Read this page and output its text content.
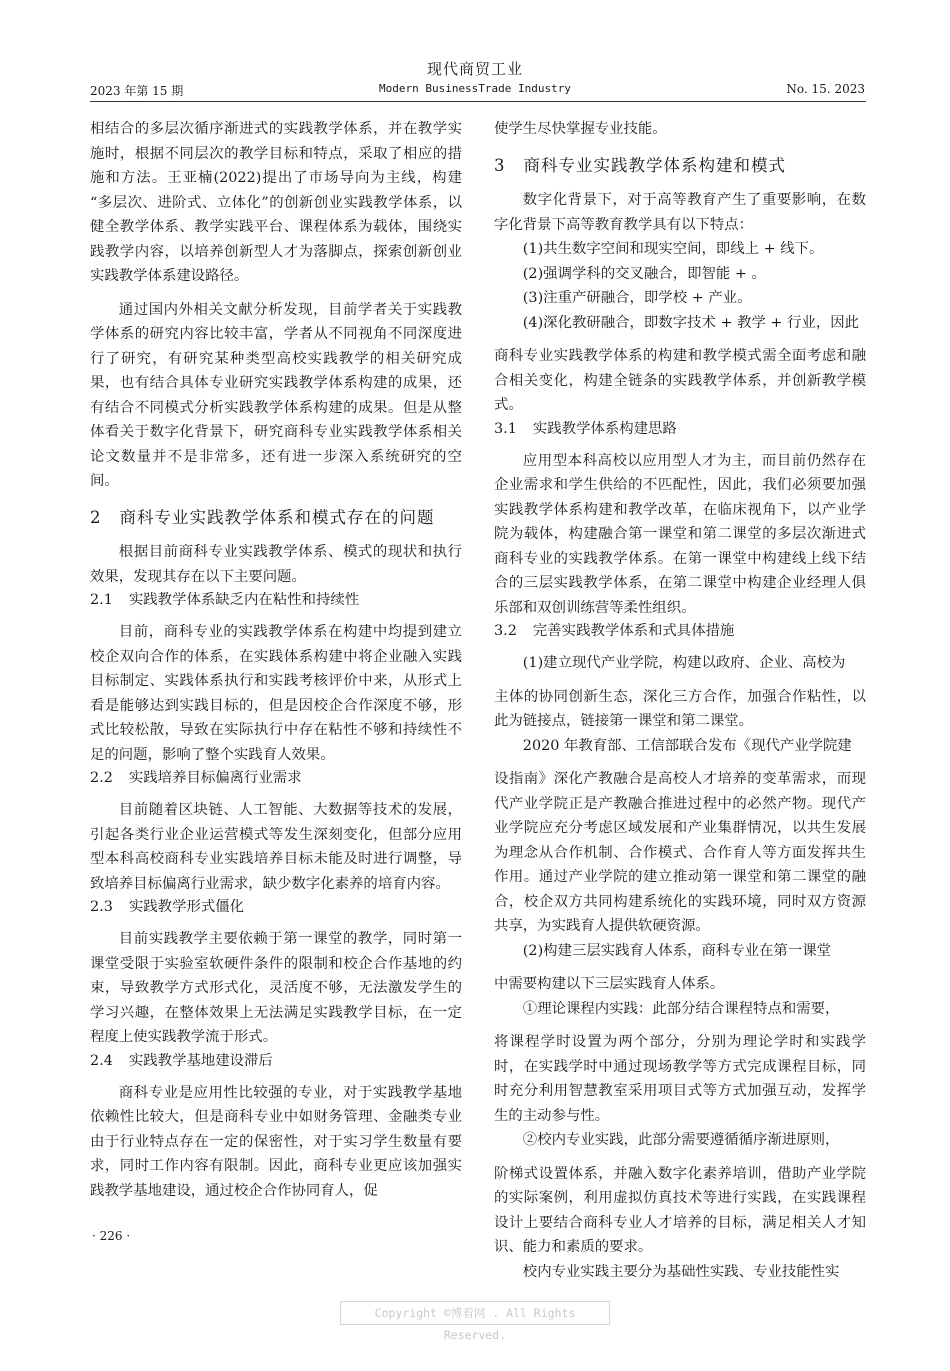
现代商贸工业
2023 年第 15 期	Modern BusinessTrade Industry	No. 15. 2023

相结合的多层次循序渐进式的实践教学体系，并在教学实施时，根据不同层次的教学目标和特点，采取了相应的措施和方法。王亚楠(2022)提出了市场导向为主线，构建 “多层次、进阶式、立体化”的创新创业实践教学体系，以健全教学体系、教学实践平台、课程体系为载体，围绕实践教学内容，以培养创新型人才为落脚点，探索创新创业实践教学体系建设路径。

通过国内外相关文献分析发现，目前学者关于实践教学体系的研究内容比较丰富，学者从不同视角不同深度进行了研究，有研究某种类型高校实践教学的相关研究成果，也有结合具体专业研究实践教学体系构建的成果，还有结合不同模式分析实践教学体系构建的成果。但是从整体看关于数字化背景下，研究商科专业实践教学体系相关论文数量并不是非常多，还有进一步深入系统研究的空间。

2 商科专业实践教学体系和模式存在的问题

根据目前商科专业实践教学体系、模式的现状和执行效果，发现其存在以下主要问题。

2.1 实践教学体系缺乏内在粘性和持续性

目前，商科专业的实践教学体系在构建中均提到建立校企双向合作的体系，在实践体系构建中将企业融入实践目标制定、实践体系执行和实践考核评价中来，从形式上看是能够达到实践目标的，但是因校企合作深度不够，形式比较松散，导致在实际执行中存在粘性不够和持续性不足的问题，影响了整个实践育人效果。

2.2 实践培养目标偏离行业需求

目前随着区块链、人工智能、大数据等技术的发展，引起各类行业企业运营模式等发生深刻变化，但部分应用型本科高校商科专业实践培养目标未能及时进行调整，导致培养目标偏离行业需求，缺少数字化素养的培育内容。

2.3 实践教学形式僵化

目前实践教学主要依赖于第一课堂的教学，同时第一课堂受限于实验室软硬件条件的限制和校企合作基地的约束，导致教学方式形式化，灵活度不够，无法激发学生的学习兴趣，在整体效果上无法满足实践教学目标，在一定程度上使实践教学流于形式。

2.4 实践教学基地建设滞后

商科专业是应用性比较强的专业，对于实践教学基地依赖性比较大，但是商科专业中如财务管理、金融类专业由于行业特点存在一定的保密性，对于实习学生数量有要求，同时工作内容有限制。因此，商科专业更应该加强实践教学基地建设，通过校企合作协同育人，促

使学生尽快掌握专业技能。

3 商科专业实践教学体系构建和模式

数字化背景下，对于高等教育产生了重要影响，在数字化背景下高等教育教学具有以下特点：

(1)共生数字空间和现实空间，即线上 + 线下。

(2)强调学科的交叉融合，即智能 + 。

(3)注重产研融合，即学校 + 产业。

(4)深化教研融合，即数字技术 + 教学 + 行业，因此

商科专业实践教学体系的构建和教学模式需全面考虑和融合相关变化，构建全链条的实践教学体系，并创新教学模式。

3.1 实践教学体系构建思路

应用型本科高校以应用型人才为主，而目前仍然存在企业需求和学生供给的不匹配性，因此，我们必须要加强实践教学体系构建和教学改革，在临床视角下，以产业学院为载体，构建融合第一课堂和第二课堂的多层次渐进式商科专业的实践教学体系。在第一课堂中构建线上线下结合的三层实践教学体系，在第二课堂中构建企业经理人俱乐部和双创训练营等柔性组织。

3.2 完善实践教学体系和式具体措施

(1)建立现代产业学院，构建以政府、企业、高校为

主体的协同创新生态，深化三方合作，加强合作粘性，以此为链接点，链接第一课堂和第二课堂。

2020 年教育部、工信部联合发布《现代产业学院建

设指南》深化产教融合是高校人才培养的变革需求，而现代产业学院正是产教融合推进过程中的必然产物。现代产业学院应充分考虑区域发展和产业集群情况，以共生发展为理念从合作机制、合作模式、合作育人等方面发挥共生作用。通过产业学院的建立推动第一课堂和第二课堂的融合，校企双方共同构建系统化的实践环境，同时双方资源共享，为实践育人提供软硬资源。

(2)构建三层实践育人体系，商科专业在第一课堂

中需要构建以下三层实践育人体系。

①理论课程内实践：此部分结合课程特点和需要，

将课程学时设置为两个部分，分别为理论学时和实践学时，在实践学时中通过现场教学等方式完成课程目标，同时充分利用智慧教室采用项目式等方式加强互动，发挥学生的主动参与性。

②校内专业实践，此部分需要遵循循序渐进原则，

阶梯式设置体系，并融入数字化素养培训，借助产业学院的实际案例，利用虚拟仿真技术等进行实践，在实践课程设计上要结合商科专业人才培养的目标，满足相关人才知识、能力和素质的要求。

校内专业实践主要分为基础性实践、专业技能性实

· 226 ·
Copyright ©博看网 . All Rights Reserved.
